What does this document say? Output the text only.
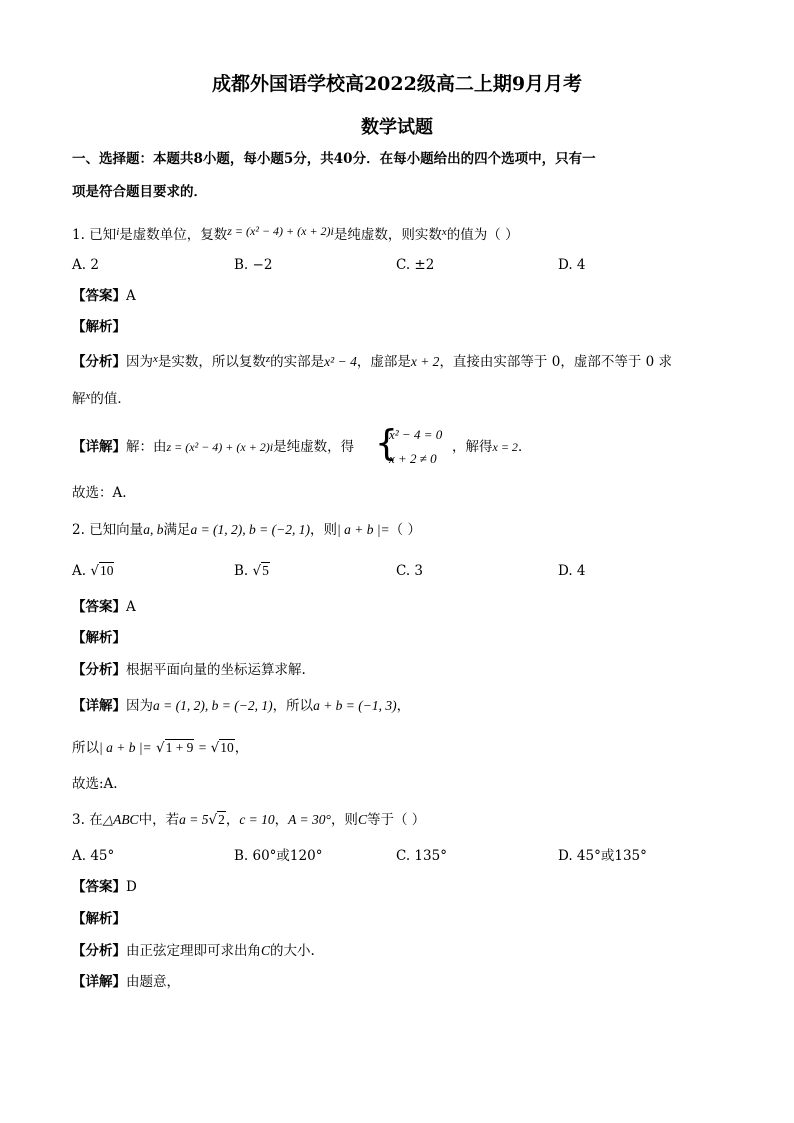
成都外国语学校高2022级高二上期9月月考
数学试题
一、选择题：本题共8小题，每小题5分，共40分．在每小题给出的四个选项中，只有一
项是符合题目要求的．
1. 已知$^i$是虚数单位，复数z = (x² − 4) + (x + 2)i是纯虚数，则实数$^x$的值为（ ）
A. 2	B. −2	C. ±2	D. 4
【答案】A
【解析】
【分析】因为$^x$是实数，所以复数$^z$的实部是x² − 4，虚部是x + 2，直接由实部等于 0，虚部不等于 0 求
解$^x$的值．
【详解】解：由z = (x² − 4) + (x + 2)i是纯虚数，得 {
x² − 4 = 0
x + 2 ≠ 0
，解得x = 2．
故选：A.
2. 已知向量a, b满足a = (1, 2), b = (−2, 1)，则| a + b |=（ ）
A. √10	B. √5	C. 3	D. 4
【答案】A
【解析】
【分析】根据平面向量的坐标运算求解.
【详解】因为a = (1, 2), b = (−2, 1)，所以a + b = (−1, 3)，
所以| a + b |= √1 + 9 = √10，
故选:A.
3. 在△ABC中，若a = 5√2，c = 10，A = 30°，则C等于（ ）
A. 45°	B. 60°或120°	C. 135°	D. 45°或135°
【答案】D
【解析】
【分析】由正弦定理即可求出角C的大小.
【详解】由题意，
